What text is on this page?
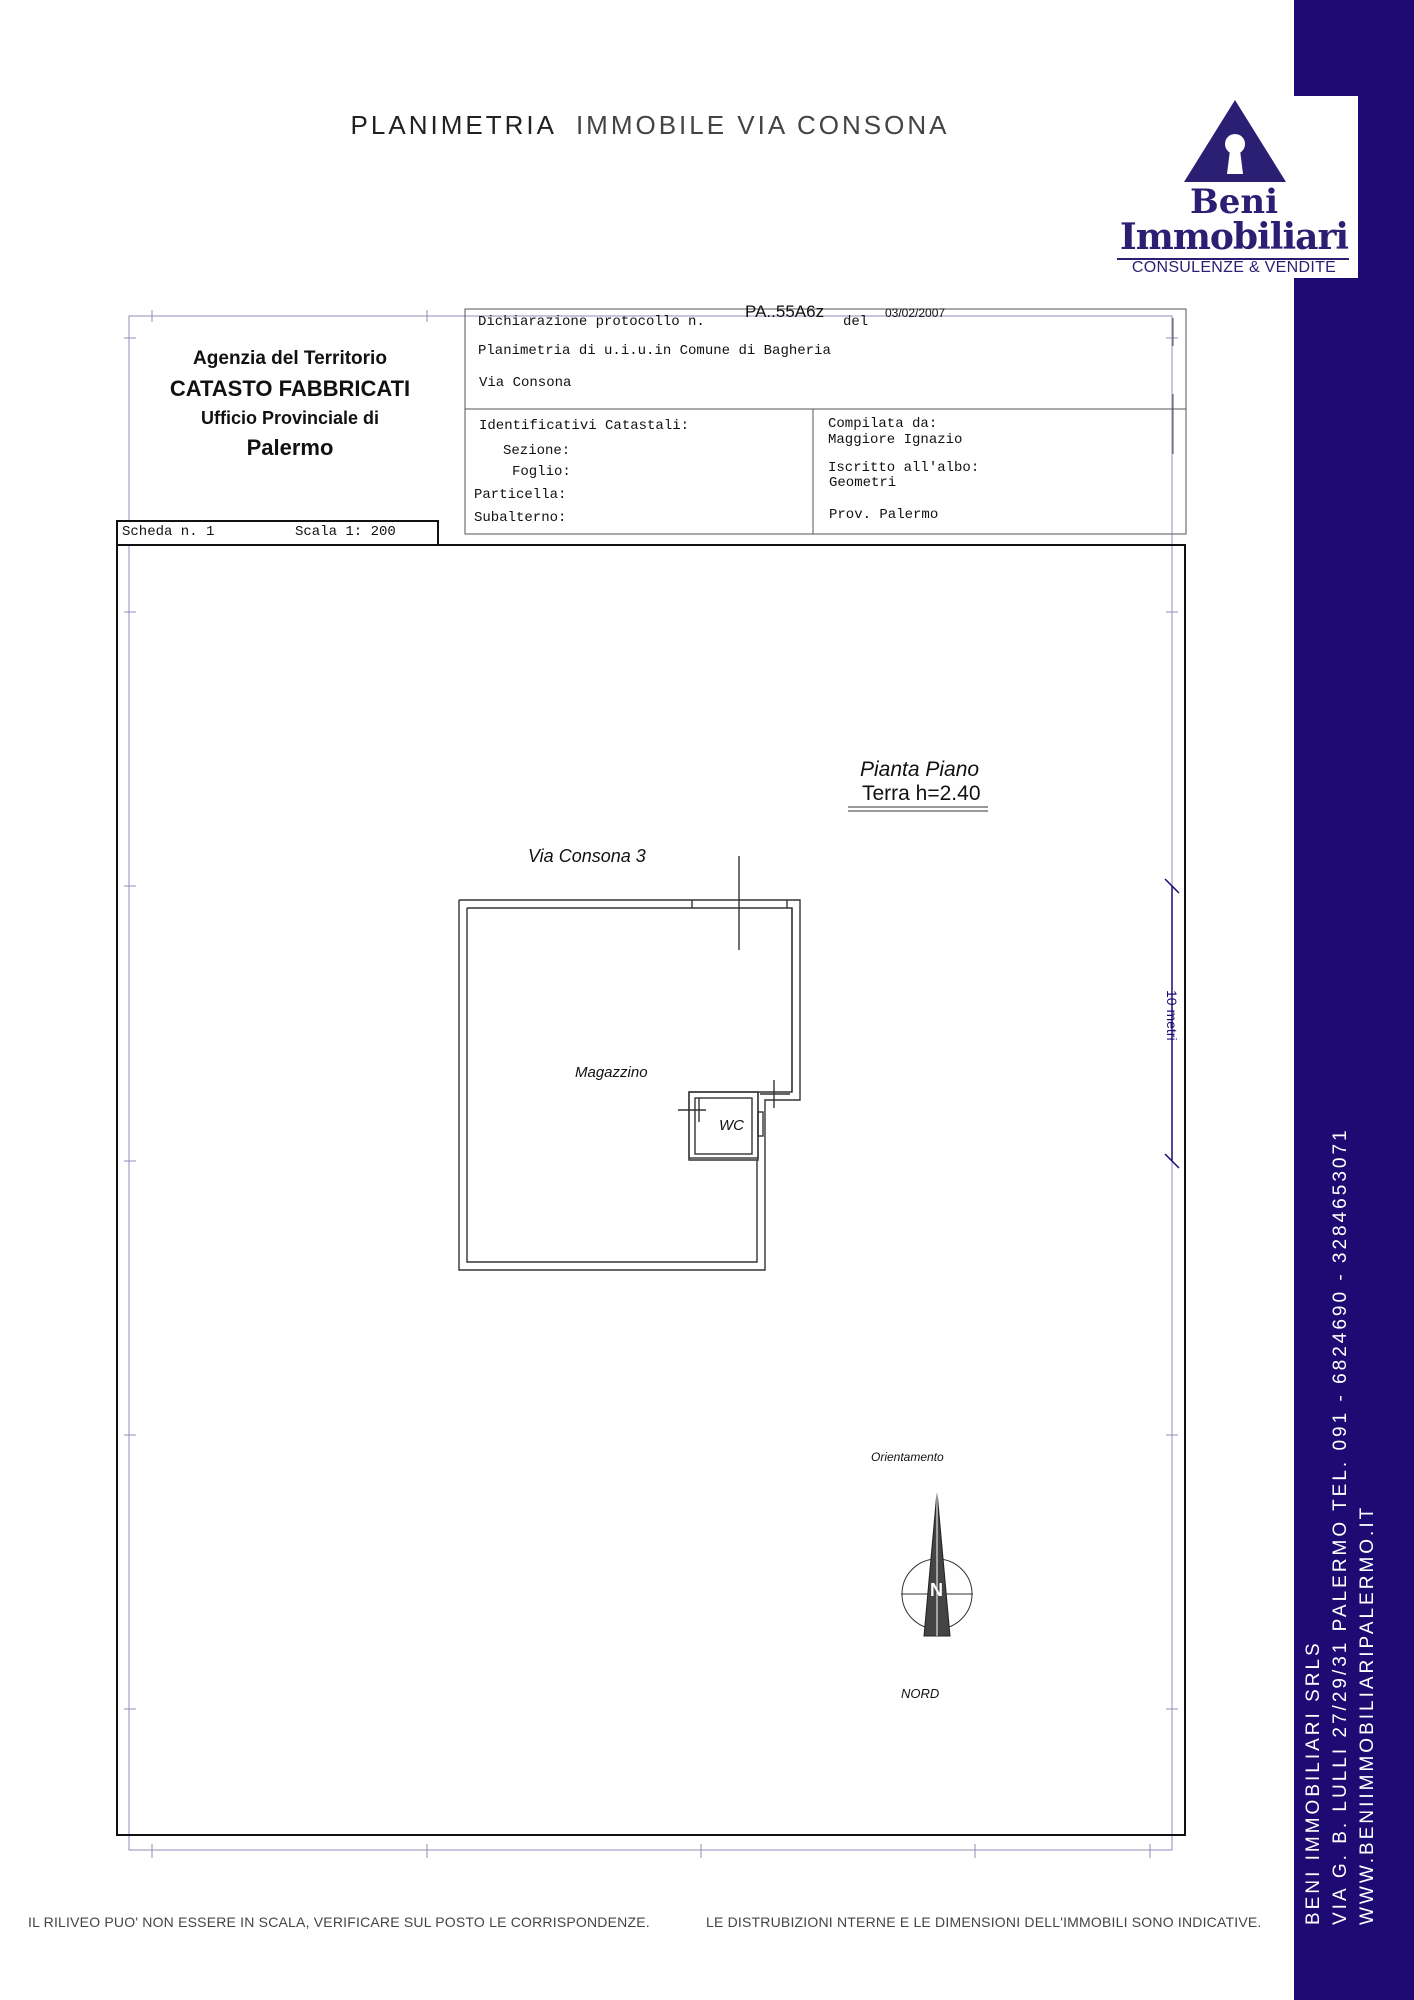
PLANIMETRIA IMMOBILE VIA CONSONA
BENI IMMOBILIARI SRLS VIA G. B. LULLI 27/29/31 PALERMO TEL. 091 - 6824690 - 3284653071 WWW.BENIIMMOBILIARIPALERMO.IT
Beni
Immobiliari
CONSULENZE & VENDITE
Agenzia del Territorio
CATASTO FABBRICATI
Ufficio Provinciale di
Palermo
Dichiarazione protocollo n.
PA..55A6z
del
03/02/2007
Planimetria di u.i.u.in Comune di Bagheria
Via Consona
Identificativi Catastali:
Sezione:
Foglio:
Particella:
Subalterno:
Compilata da:
Maggiore Ignazio
Iscritto all'albo:
Geometri
Prov. Palermo
Scheda n. 1	Scala 1: 200
Pianta Piano
Terra h=2.40
Via Consona 3
Magazzino
WC
Orientamento
N
NORD
10 metri
IL RILIVEO PUO' NON ESSERE IN SCALA, VERIFICARE SUL POSTO LE CORRISPONDENZE.	LE DISTRUBIZIONI NTERNE E LE DIMENSIONI DELL'IMMOBILI SONO INDICATIVE.
